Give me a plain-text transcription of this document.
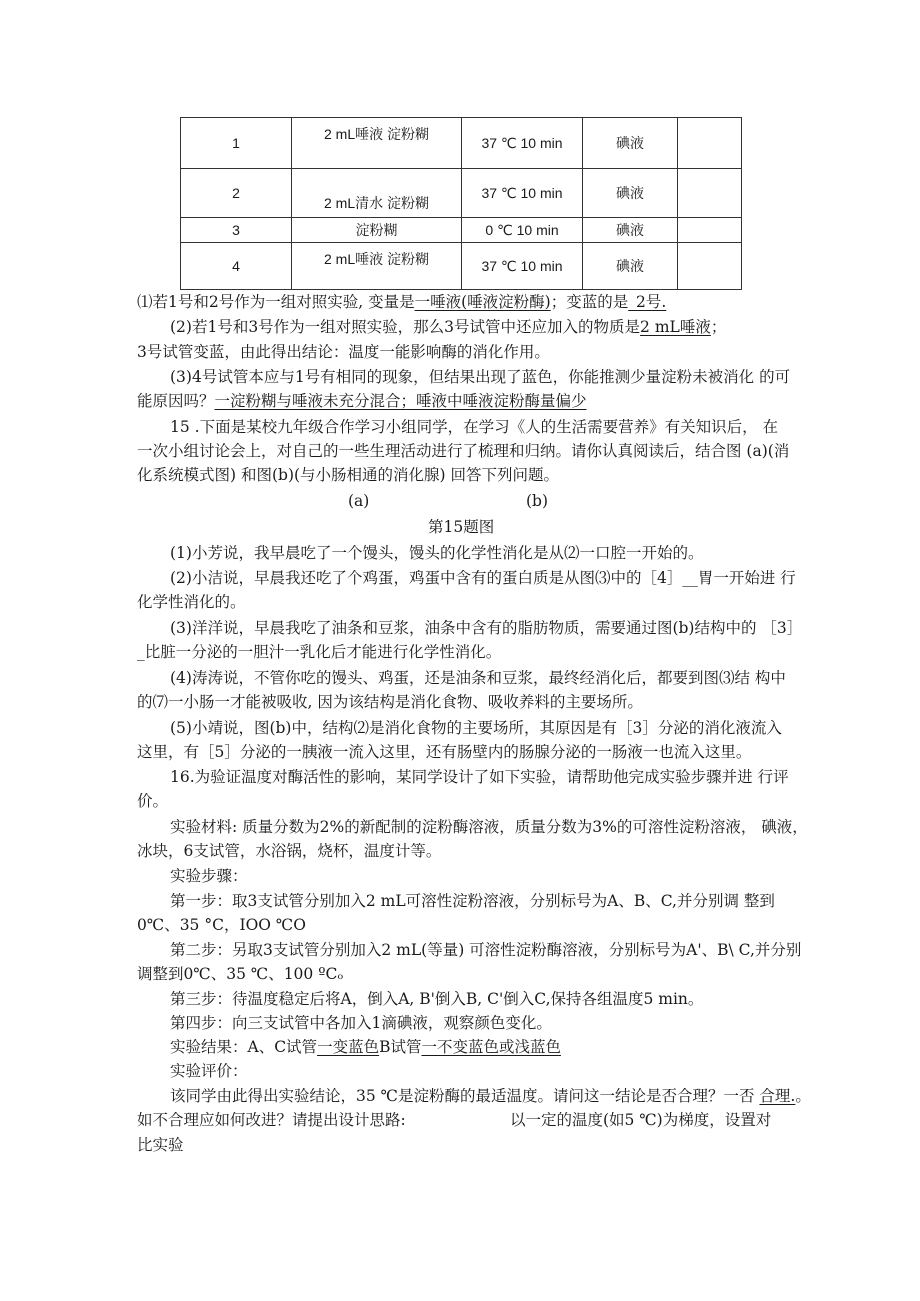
1	2 mL唾液 淀粉糊	37 ℃ 10 min	碘液	
2	2 mL清水 淀粉糊	37 ℃ 10 min	碘液	
3	淀粉糊	0 ℃ 10 min	碘液	
4	2 mL唾液 淀粉糊	37 ℃ 10 min	碘液	
⑴若1号和2号作为一组对照实验, 变量是一唾液(唾液淀粉酶)；变蓝的是_2号.
(2)若1号和3号作为一组对照实验，那么3号试管中还应加入的物质是2 mL唾液；
3号试管变蓝，由此得出结论：温度一能影响酶的消化作用。
(3)4号试管本应与1号有相同的现象，但结果出现了蓝色，你能推测少量淀粉未被消化 的可
能原因吗？一淀粉糊与唾液未充分混合；唾液中唾液淀粉酶量偏少
15 .下面是某校九年级合作学习小组同学，在学习《人的生活需要营养》有关知识后， 在
一次小组讨论会上，对自己的一些生理活动进行了梳理和归纳。请你认真阅读后，结合图 (a)(消
化系统模式图) 和图(b)(与小肠相通的消化腺) 回答下列问题。
(a)	(b)
第15题图
(1)小芳说，我早晨吃了一个馒头，馒头的化学性消化是从⑵一口腔一开始的。
(2)小洁说，早晨我还吃了个鸡蛋，鸡蛋中含有的蛋白质是从图⑶中的［4］__胃一开始进 行
化学性消化的。
(3)洋洋说，早晨我吃了油条和豆浆，油条中含有的脂肪物质，需要通过图(b)结构中的 ［3］
_比脏一分泌的一胆汁一乳化后才能进行化学性消化。
(4)涛涛说，不管你吃的馒头、鸡蛋，还是油条和豆浆，最终经消化后，都要到图⑶结 构中
的⑺一小肠一才能被吸收, 因为该结构是消化食物、吸收养料的主要场所。
(5)小靖说，图(b)中，结构⑵是消化食物的主要场所，其原因是有［3］分泌的消化液流入
这里，有［5］分泌的一胰液一流入这里，还有肠壁内的肠腺分泌的一肠液一也流入这里。
16.为验证温度对酶活性的影响，某同学设计了如下实验，请帮助他完成实验步骤并进 行评
价。
实验材料: 质量分数为2%的新配制的淀粉酶溶液，质量分数为3%的可溶性淀粉溶液， 碘液，
冰块，6支试管，水浴锅，烧杯，温度计等。
实验步骤：
第一步：取3支试管分别加入2 mL可溶性淀粉溶液，分别标号为A、B、C,并分别调 整到
0℃、35 °C，IOO ℃O
第二步：另取3支试管分别加入2 mL(等量) 可溶性淀粉酶溶液，分别标号为A'、B\ C,并分别
调整到0℃、35 ℃、100 ºCₒ
第三步：待温度稳定后将A，倒入A, B'倒入B, C'倒入C,保持各组温度5 min。
第四步：向三支试管中各加入1滴碘液，观察颜色变化。
实验结果：A、C试管一变蓝色B试管一不变蓝色或浅蓝色
实验评价：
该同学由此得出实验结论，35 ℃是淀粉酶的最适温度。请问这一结论是否合理？一否 合理.。
如不合理应如何改进？请提出设计思路:	以一定的温度(如5 ℃)为梯度，设置对
比实验
